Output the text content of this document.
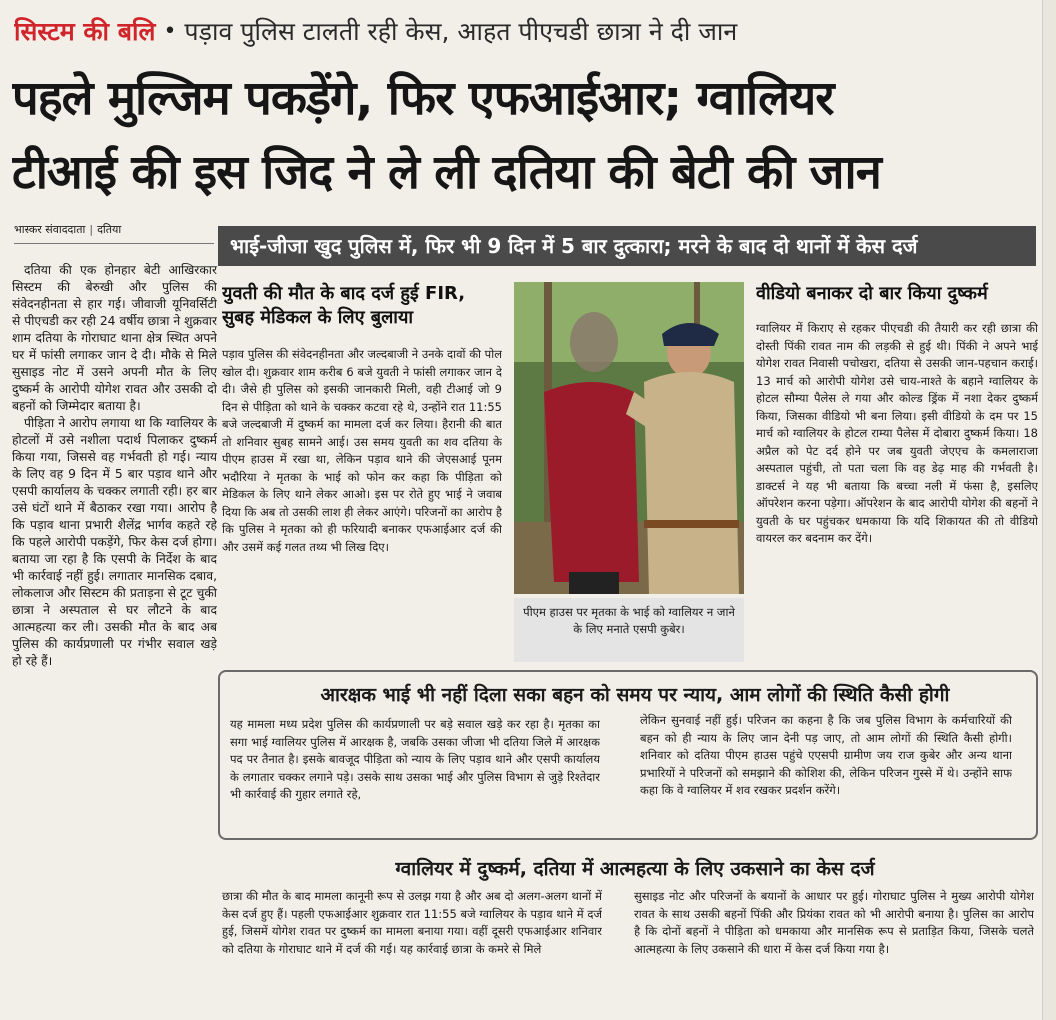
सिस्टम की बलि • पड़ाव पुलिस टालती रही केस, आहत पीएचडी छात्रा ने दी जान
पहले मुल्जिम पकड़ेंगे, फिर एफआईआर; ग्वालियर
टीआई की इस जिद ने ले ली दतिया की बेटी की जान
भास्कर संवाददाता | दतिया

दतिया की एक होनहार बेटी आखिरकार सिस्टम की बेरुखी और पुलिस की संवेदनहीनता से हार गई। जीवाजी यूनिवर्सिटी से पीएचडी कर रही 24 वर्षीय छात्रा ने शुक्रवार शाम दतिया के गोराघाट थाना क्षेत्र स्थित अपने घर में फांसी लगाकर जान दे दी। मौके से मिले सुसाइड नोट में उसने अपनी मौत के लिए दुष्कर्म के आरोपी योगेश रावत और उसकी दो बहनों को जिम्मेदार बताया है।

पीड़िता ने आरोप लगाया था कि ग्वालियर के होटलों में उसे नशीला पदार्थ पिलाकर दुष्कर्म किया गया, जिससे वह गर्भवती हो गई। न्याय के लिए वह 9 दिन में 5 बार पड़ाव थाने और एसपी कार्यालय के चक्कर लगाती रही। हर बार उसे घंटों थाने में बैठाकर रखा गया। आरोप है कि पड़ाव थाना प्रभारी शैलेंद्र भार्गव कहते रहे कि पहले आरोपी पकड़ेंगे, फिर केस दर्ज होगा। बताया जा रहा है कि एसपी के निर्देश के बाद भी कार्रवाई नहीं हुई। लगातार मानसिक दबाव, लोकलाज और सिस्टम की प्रताड़ना से टूट चुकी छात्रा ने अस्पताल से घर लौटने के बाद आत्महत्या कर ली। उसकी मौत के बाद अब पुलिस की कार्यप्रणाली पर गंभीर सवाल खड़े हो रहे हैं।

भाई-जीजा खुद पुलिस में, फिर भी 9 दिन में 5 बार दुत्कारा; मरने के बाद दो थानों में केस दर्ज
युवती की मौत के बाद दर्ज हुई FIR, सुबह मेडिकल के लिए बुलाया
पड़ाव पुलिस की संवेदनहीनता और जल्दबाजी ने उनके दावों की पोल खोल दी। शुक्रवार शाम करीब 6 बजे युवती ने फांसी लगाकर जान दे दी। जैसे ही पुलिस को इसकी जानकारी मिली, वही टीआई जो 9 दिन से पीड़िता को थाने के चक्कर कटवा रहे थे, उन्होंने रात 11:55 बजे जल्दबाजी में दुष्कर्म का मामला दर्ज कर लिया। हैरानी की बात तो शनिवार सुबह सामने आई। उस समय युवती का शव दतिया के पीएम हाउस में रखा था, लेकिन पड़ाव थाने की जेएसआई पूनम भदौरिया ने मृतका के भाई को फोन कर कहा कि पीड़िता को मेडिकल के लिए थाने लेकर आओ। इस पर रोते हुए भाई ने जवाब दिया कि अब तो उसकी लाश ही लेकर आएंगे। परिजनों का आरोप है कि पुलिस ने मृतका को ही फरियादी बनाकर एफआईआर दर्ज की और उसमें कई गलत तथ्य भी लिख दिए।
पीएम हाउस पर मृतका के भाई को ग्वालियर न जाने के लिए मनाते एसपी कुबेर।
वीडियो बनाकर दो बार किया दुष्कर्म
ग्वालियर में किराए से रहकर पीएचडी की तैयारी कर रही छात्रा की दोस्ती पिंकी रावत नाम की लड़की से हुई थी। पिंकी ने अपने भाई योगेश रावत निवासी पचोखरा, दतिया से उसकी जान-पहचान कराई। 13 मार्च को आरोपी योगेश उसे चाय-नाश्ते के बहाने ग्वालियर के होटल सौम्या पैलेस ले गया और कोल्ड ड्रिंक में नशा देकर दुष्कर्म किया, जिसका वीडियो भी बना लिया। इसी वीडियो के दम पर 15 मार्च को ग्वालियर के होटल राम्या पैलेस में दोबारा दुष्कर्म किया। 18 अप्रैल को पेट दर्द होने पर जब युवती जेएएच के कमलाराजा अस्पताल पहुंची, तो पता चला कि वह डेढ़ माह की गर्भवती है। डाक्टर्स ने यह भी बताया कि बच्चा नली में फंसा है, इसलिए ऑपरेशन करना पड़ेगा। ऑपरेशन के बाद आरोपी योगेश की बहनों ने युवती के घर पहुंचकर धमकाया कि यदि शिकायत की तो वीडियो वायरल कर बदनाम कर देंगे।
आरक्षक भाई भी नहीं दिला सका बहन को समय पर न्याय, आम लोगों की स्थिति कैसी होगी
यह मामला मध्य प्रदेश पुलिस की कार्यप्रणाली पर बड़े सवाल खड़े कर रहा है। मृतका का सगा भाई ग्वालियर पुलिस में आरक्षक है, जबकि उसका जीजा भी दतिया जिले में आरक्षक पद पर तैनात है। इसके बावजूद पीड़िता को न्याय के लिए पड़ाव थाने और एसपी कार्यालय के लगातार चक्कर लगाने पड़े। उसके साथ उसका भाई और पुलिस विभाग से जुड़े रिश्तेदार भी कार्रवाई की गुहार लगाते रहे,
लेकिन सुनवाई नहीं हुई। परिजन का कहना है कि जब पुलिस विभाग के कर्मचारियों की बहन को ही न्याय के लिए जान देनी पड़ जाए, तो आम लोगों की स्थिति कैसी होगी। शनिवार को दतिया पीएम हाउस पहुंचे एएसपी ग्रामीण जय राज कुबेर और अन्य थाना प्रभारियों ने परिजनों को समझाने की कोशिश की, लेकिन परिजन गुस्से में थे। उन्होंने साफ कहा कि वे ग्वालियर में शव रखकर प्रदर्शन करेंगे।
ग्वालियर में दुष्कर्म, दतिया में आत्महत्या के लिए उकसाने का केस दर्ज
छात्रा की मौत के बाद मामला कानूनी रूप से उलझ गया है और अब दो अलग-अलग थानों में केस दर्ज हुए हैं। पहली एफआईआर शुक्रवार रात 11:55 बजे ग्वालियर के पड़ाव थाने में दर्ज हुई, जिसमें योगेश रावत पर दुष्कर्म का मामला बनाया गया। वहीं दूसरी एफआईआर शनिवार को दतिया के गोराघाट थाने में दर्ज की गई। यह कार्रवाई छात्रा के कमरे से मिले
सुसाइड नोट और परिजनों के बयानों के आधार पर हुई। गोराघाट पुलिस ने मुख्य आरोपी योगेश रावत के साथ उसकी बहनों पिंकी और प्रियंका रावत को भी आरोपी बनाया है। पुलिस का आरोप है कि दोनों बहनों ने पीड़िता को धमकाया और मानसिक रूप से प्रताड़ित किया, जिसके चलते आत्महत्या के लिए उकसाने की धारा में केस दर्ज किया गया है।
